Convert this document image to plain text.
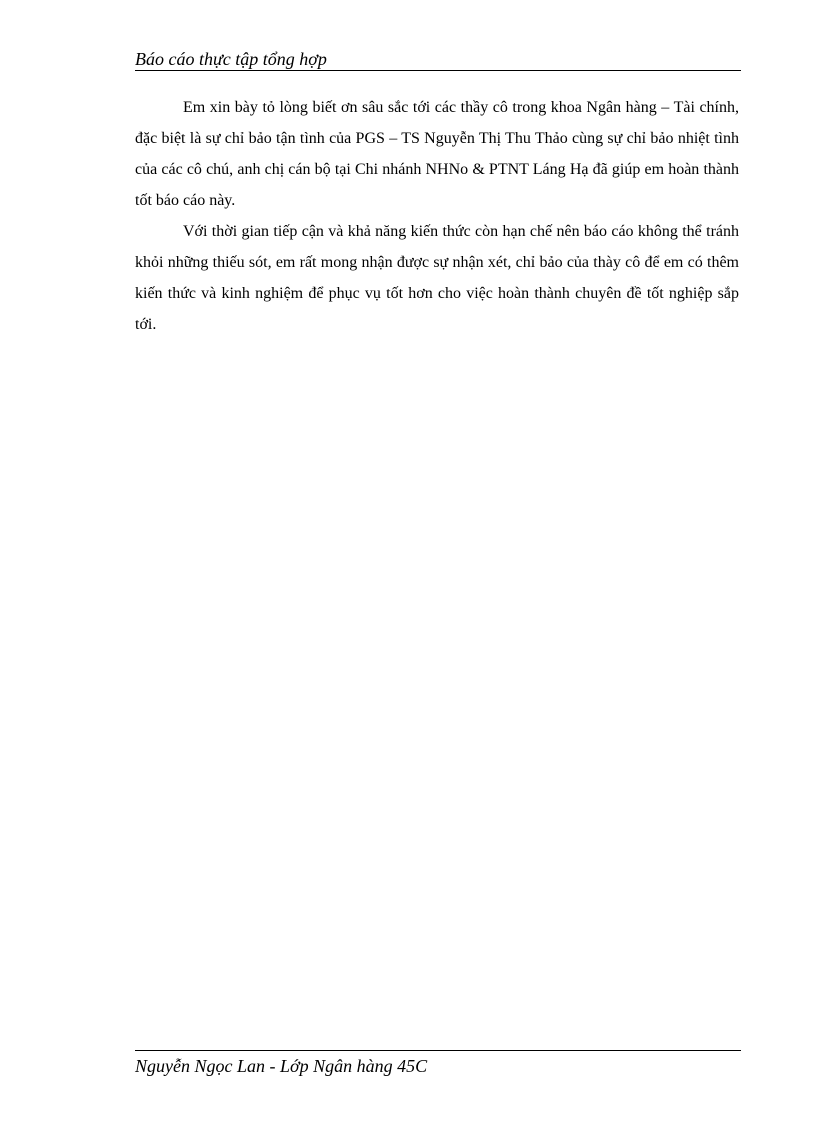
Báo cáo thực tập tổng hợp

Em xin bày tỏ lòng biết ơn sâu sắc tới các thầy cô trong khoa Ngân hàng – Tài chính, đặc biệt là sự chỉ bảo tận tình của PGS – TS Nguyễn Thị Thu Thảo cùng sự chỉ bảo nhiệt tình của các cô chú, anh chị cán bộ tại Chi nhánh NHNo & PTNT Láng Hạ đã giúp em hoàn thành tốt báo cáo này.

Với thời gian tiếp cận và khả năng kiến thức còn hạn chế nên báo cáo không thể tránh khỏi những thiếu sót, em rất mong nhận được sự nhận xét, chỉ bảo của thày cô để em có thêm kiến thức và kinh nghiệm để phục vụ tốt hơn cho việc hoàn thành chuyên đề tốt nghiệp sắp tới.

Nguyễn Ngọc Lan - Lớp Ngân hàng 45C
